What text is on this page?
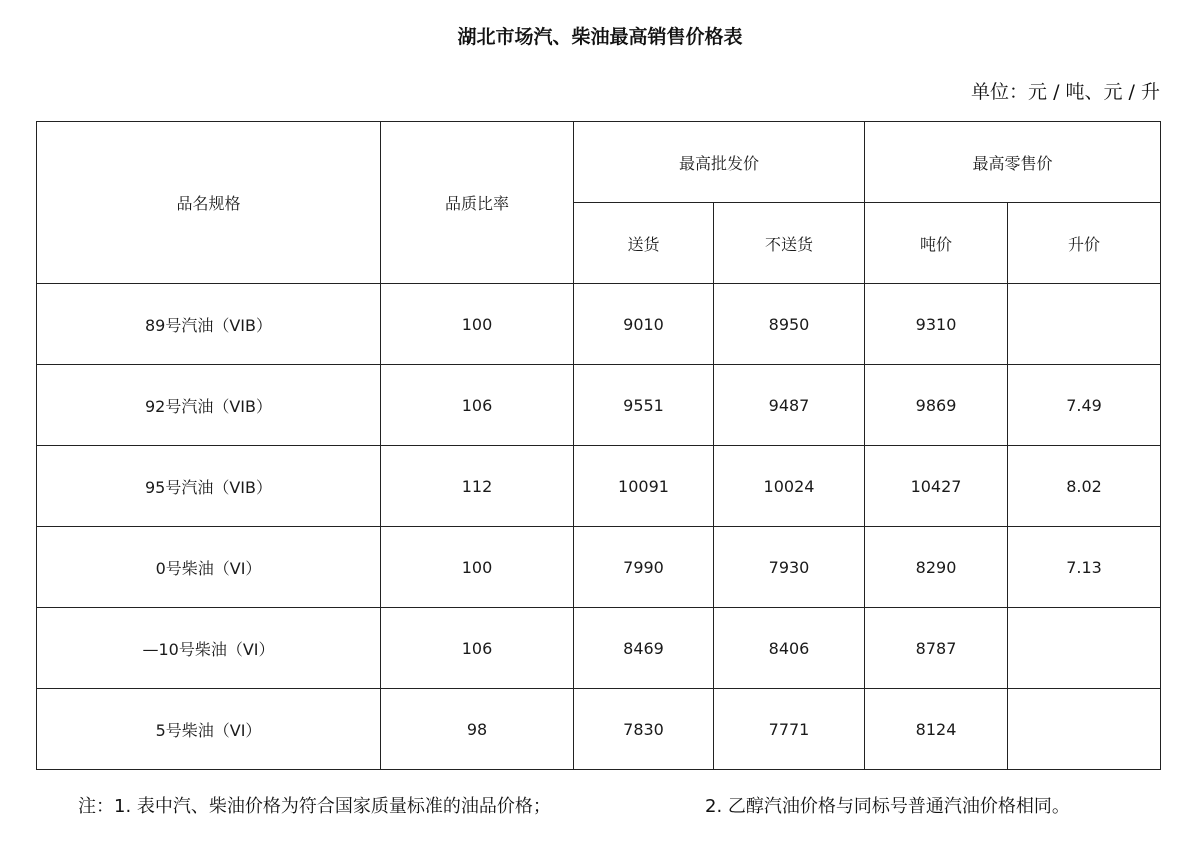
湖北市场汽、柴油最高销售价格表
单位：元 / 吨、元 / 升
品名规格	品质比率	最高批发价		最高零售价	
		送货	不送货	吨价	升价
89号汽油（VIB）	100	9010	8950	9310	
92号汽油（VIB）	106	9551	9487	9869	7.49
95号汽油（VIB）	112	10091	10024	10427	8.02
0号柴油（VI）	100	7990	7930	8290	7.13
—10号柴油（VI）	106	8469	8406	8787	
5号柴油（VI）	98	7830	7771	8124	
注：1. 表中汽、柴油价格为符合国家质量标准的油品价格；	2. 乙醇汽油价格与同标号普通汽油价格相同。
